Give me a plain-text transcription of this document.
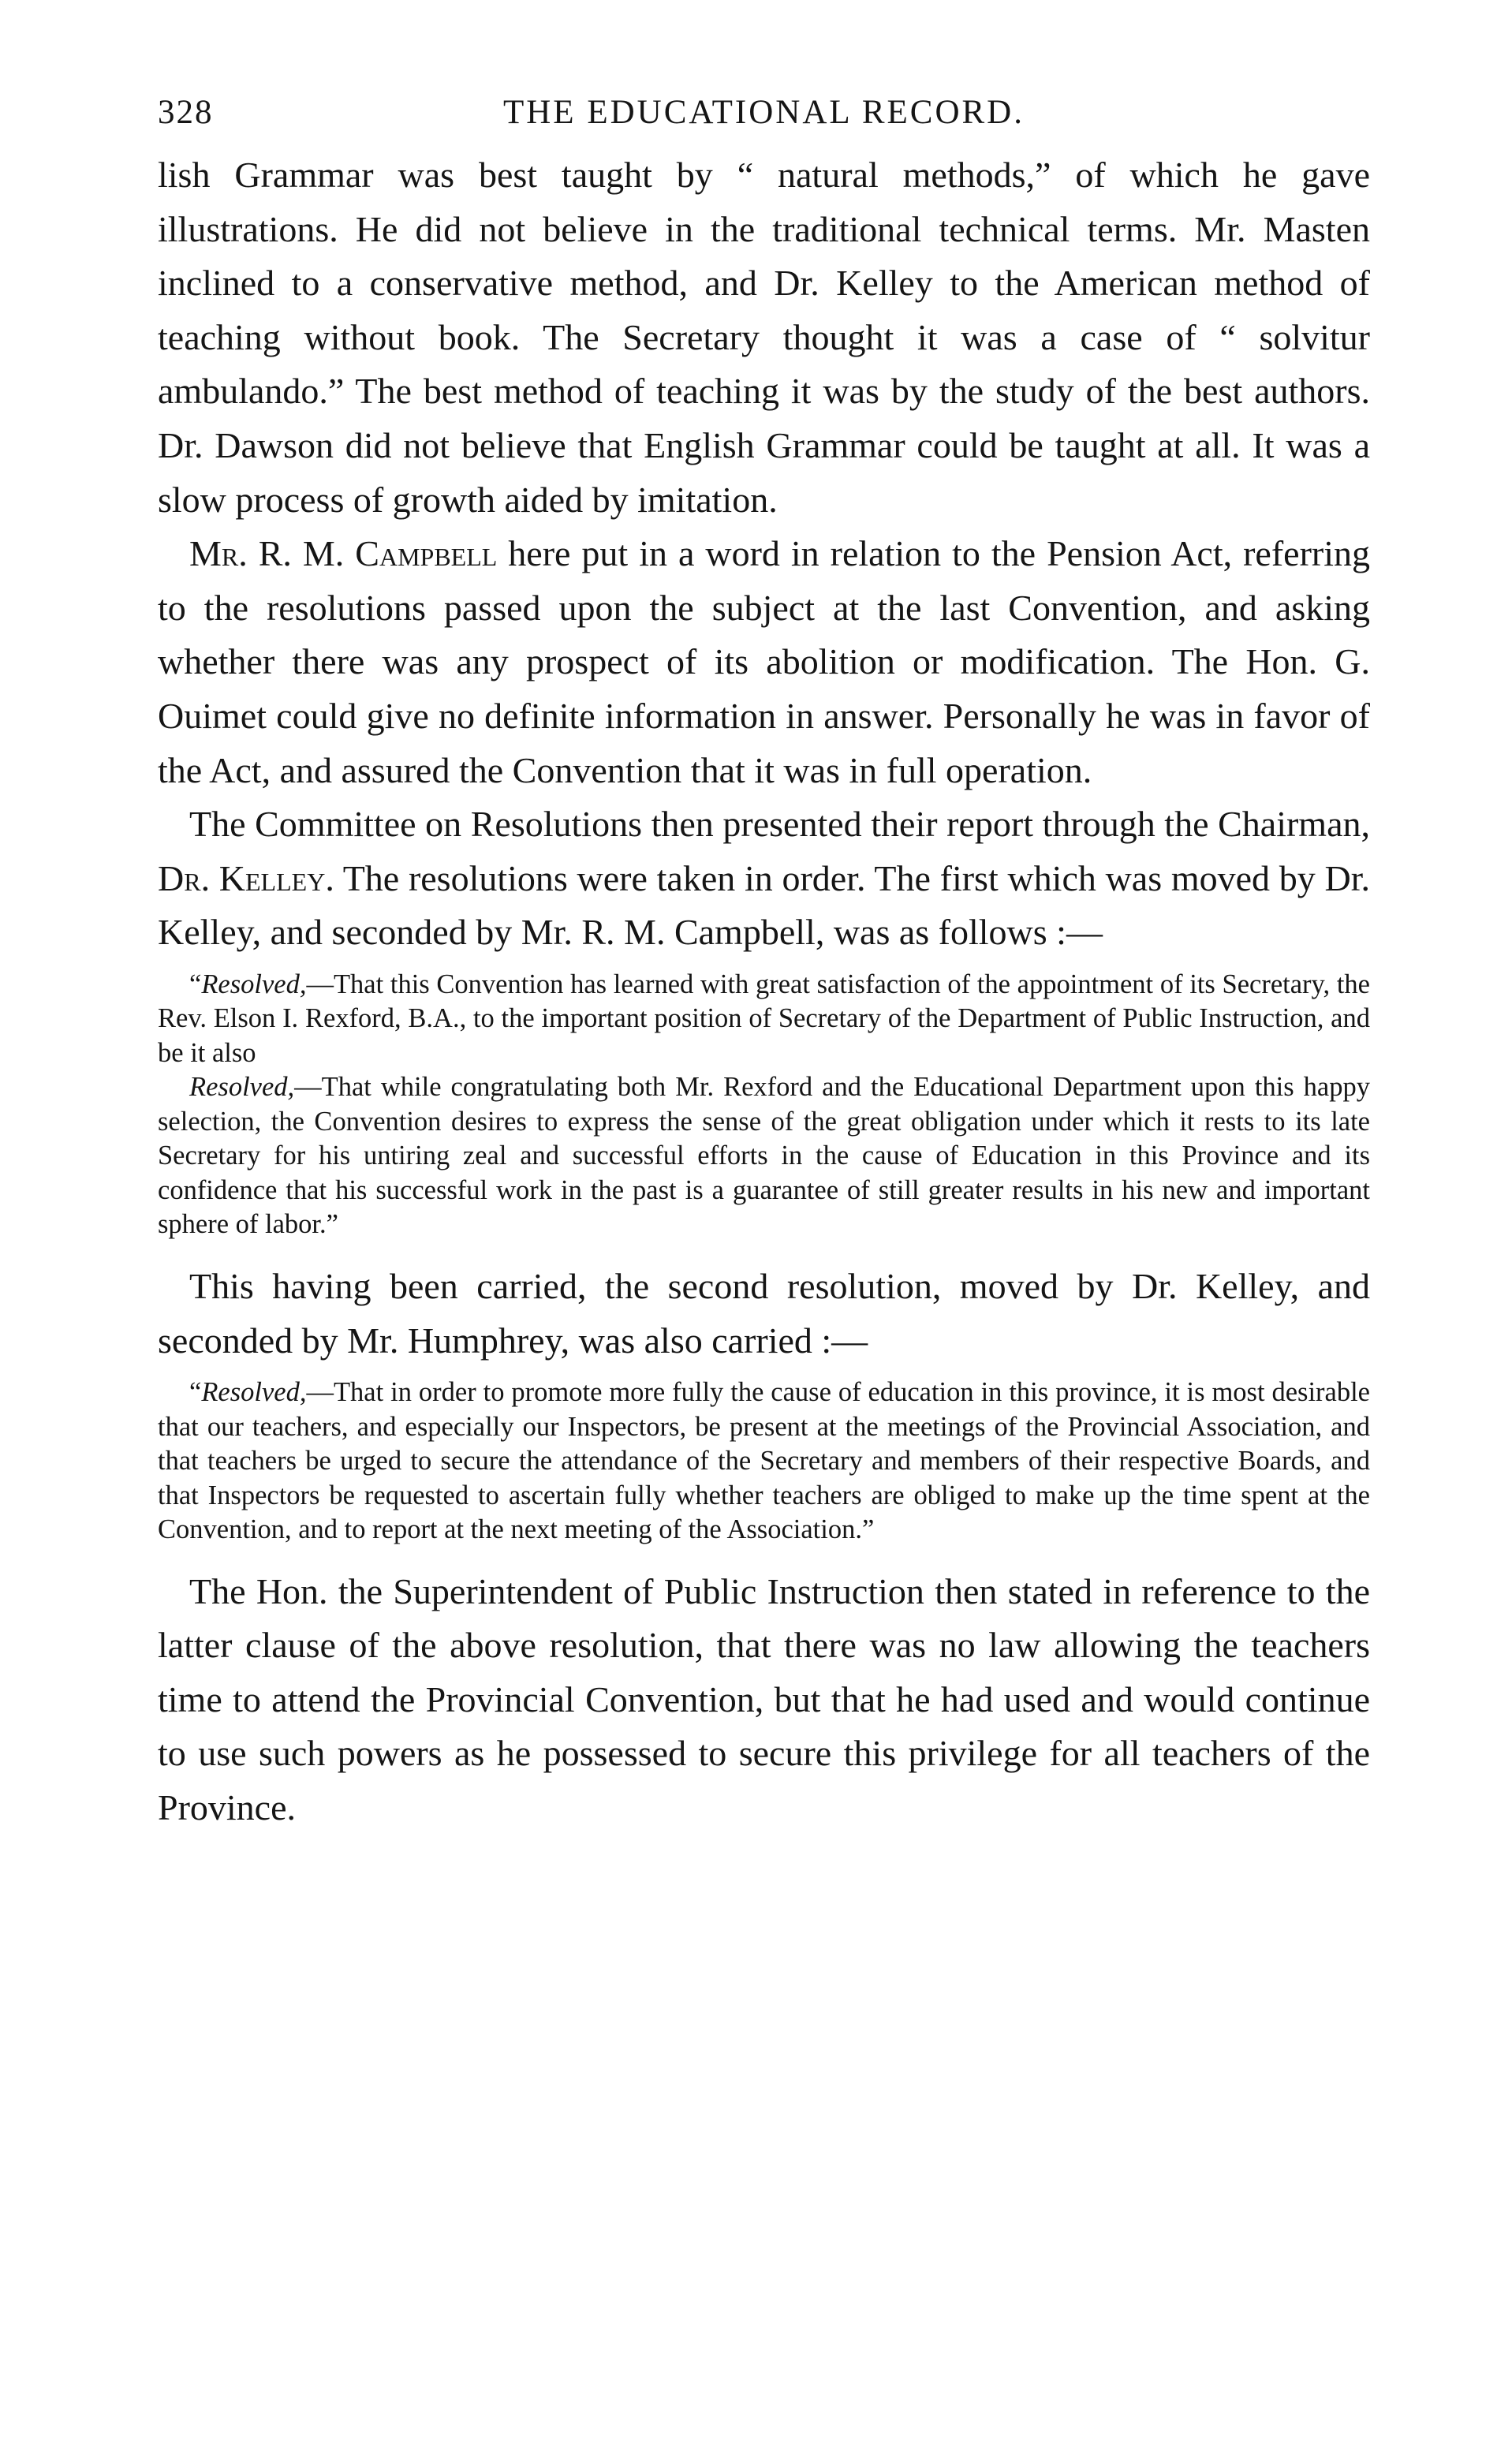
328	THE EDUCATIONAL RECORD.

lish Grammar was best taught by “ natural methods,” of which he gave illustrations. He did not believe in the traditional technical terms. Mr. Masten inclined to a conservative method, and Dr. Kelley to the American method of teaching without book. The Secretary thought it was a case of “ solvitur ambulando.” The best method of teaching it was by the study of the best authors. Dr. Dawson did not believe that English Grammar could be taught at all. It was a slow process of growth aided by imitation.

Mr. R. M. Campbell here put in a word in relation to the Pension Act, referring to the resolutions passed upon the subject at the last Convention, and asking whether there was any prospect of its abolition or modification. The Hon. G. Ouimet could give no definite information in answer. Personally he was in favor of the Act, and assured the Convention that it was in full operation.

The Committee on Resolutions then presented their report through the Chairman, Dr. Kelley. The resolutions were taken in order. The first which was moved by Dr. Kelley, and seconded by Mr. R. M. Campbell, was as follows :—

“Resolved,—That this Convention has learned with great satisfaction of the appointment of its Secretary, the Rev. Elson I. Rexford, B.A., to the important position of Secretary of the Department of Public Instruction, and be it also

Resolved,—That while congratulating both Mr. Rexford and the Educational Department upon this happy selection, the Convention desires to express the sense of the great obligation under which it rests to its late Secretary for his untiring zeal and successful efforts in the cause of Education in this Province and its confidence that his successful work in the past is a guarantee of still greater results in his new and important sphere of labor.”

This having been carried, the second resolution, moved by Dr. Kelley, and seconded by Mr. Humphrey, was also carried :—

“Resolved,—That in order to promote more fully the cause of education in this province, it is most desirable that our teachers, and especially our Inspectors, be present at the meetings of the Provincial Association, and that teachers be urged to secure the attendance of the Secretary and members of their respective Boards, and that Inspectors be requested to ascertain fully whether teachers are obliged to make up the time spent at the Convention, and to report at the next meeting of the Association.”

The Hon. the Superintendent of Public Instruction then stated in reference to the latter clause of the above resolution, that there was no law allowing the teachers time to attend the Provincial Convention, but that he had used and would continue to use such powers as he possessed to secure this privilege for all teachers of the Province.
